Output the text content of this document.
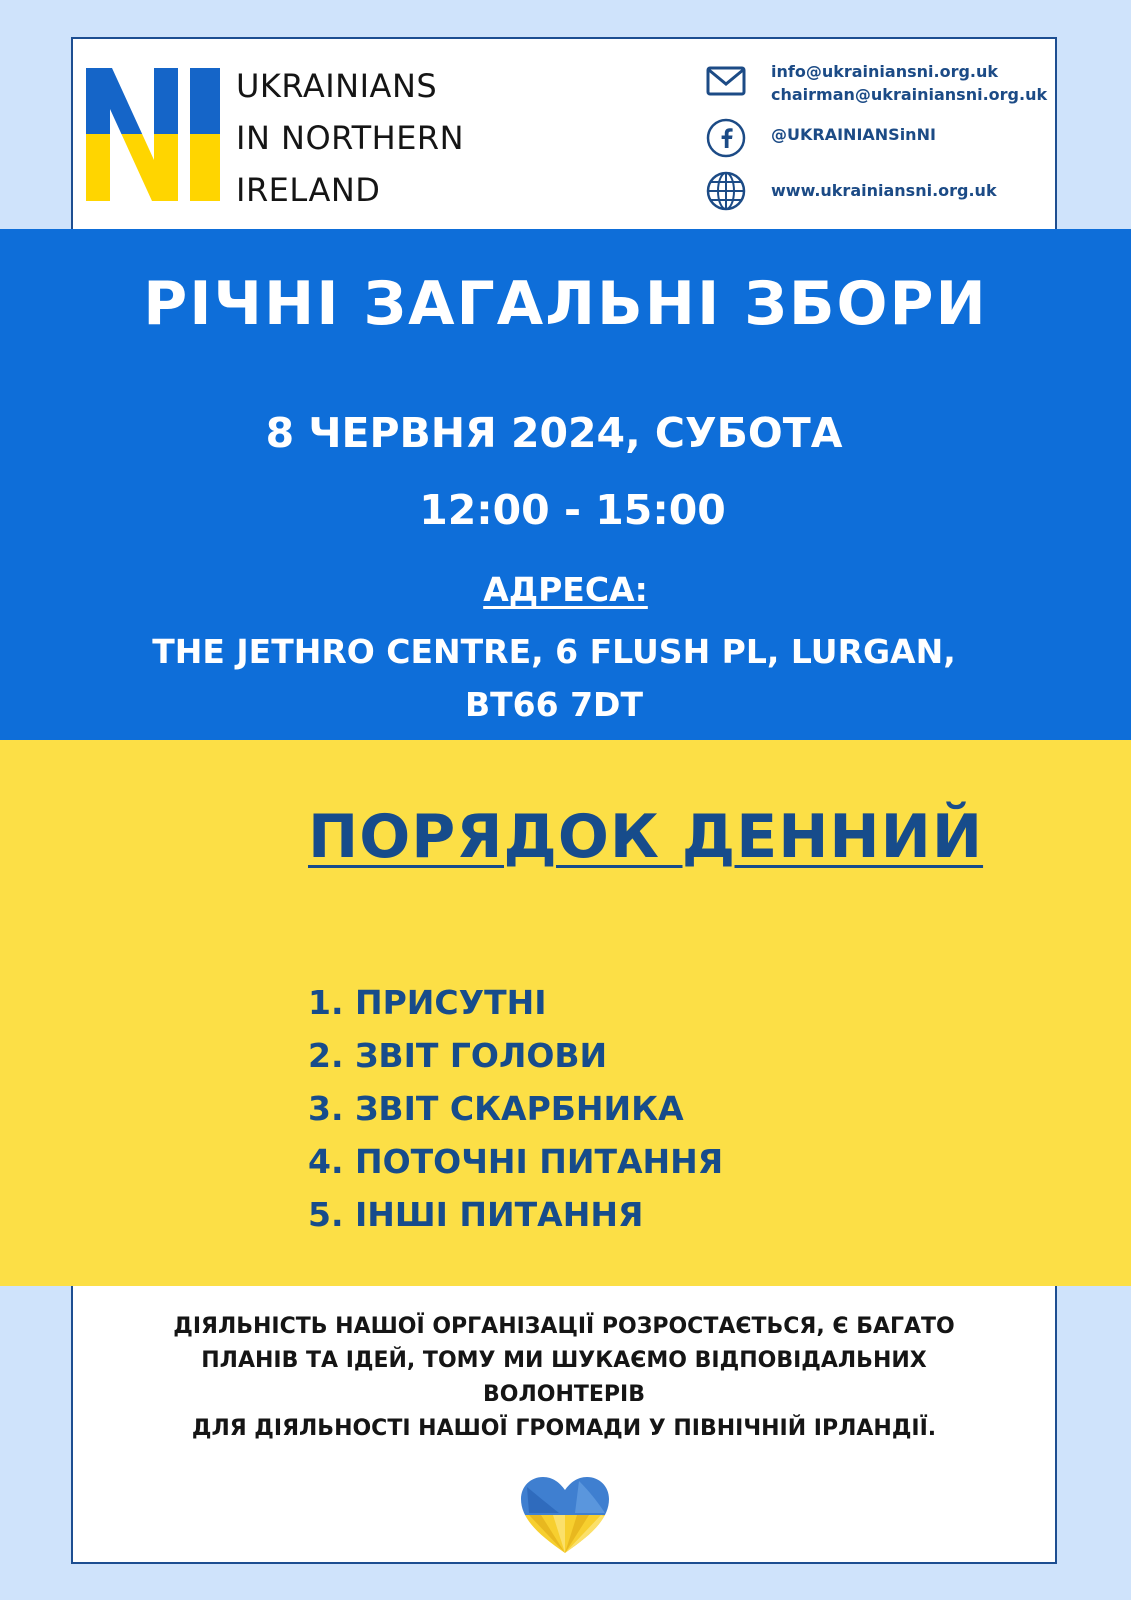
UKRAINIANS
IN NORTHERN
IRELAND
info@ukrainiansni.org.uk
chairman@ukrainiansni.org.uk
@UKRAINIANSinNI
www.ukrainiansni.org.uk
РІЧНІ ЗАГАЛЬНІ ЗБОРИ
8 ЧЕРВНЯ 2024, СУБОТА
12:00 - 15:00
АДРЕСА:
THE JETHRO CENTRE, 6 FLUSH PL, LURGAN,
BT66 7DT
ПОРЯДОК ДЕННИЙ
1. ПРИСУТНІ
2. ЗВІТ ГОЛОВИ
3. ЗВІТ СКАРБНИКА
4. ПОТОЧНІ ПИТАННЯ
5. ІНШІ ПИТАННЯ
ДІЯЛЬНІСТЬ НАШОЇ ОРГАНІЗАЦІЇ РОЗРОСТАЄТЬСЯ, Є БАГАТО
ПЛАНІВ ТА ІДЕЙ, ТОМУ МИ ШУКАЄМО ВІДПОВІДАЛЬНИХ
ВОЛОНТЕРІВ
ДЛЯ ДІЯЛЬНОСТІ НАШОЇ ГРОМАДИ У ПІВНІЧНІЙ ІРЛАНДІЇ.
